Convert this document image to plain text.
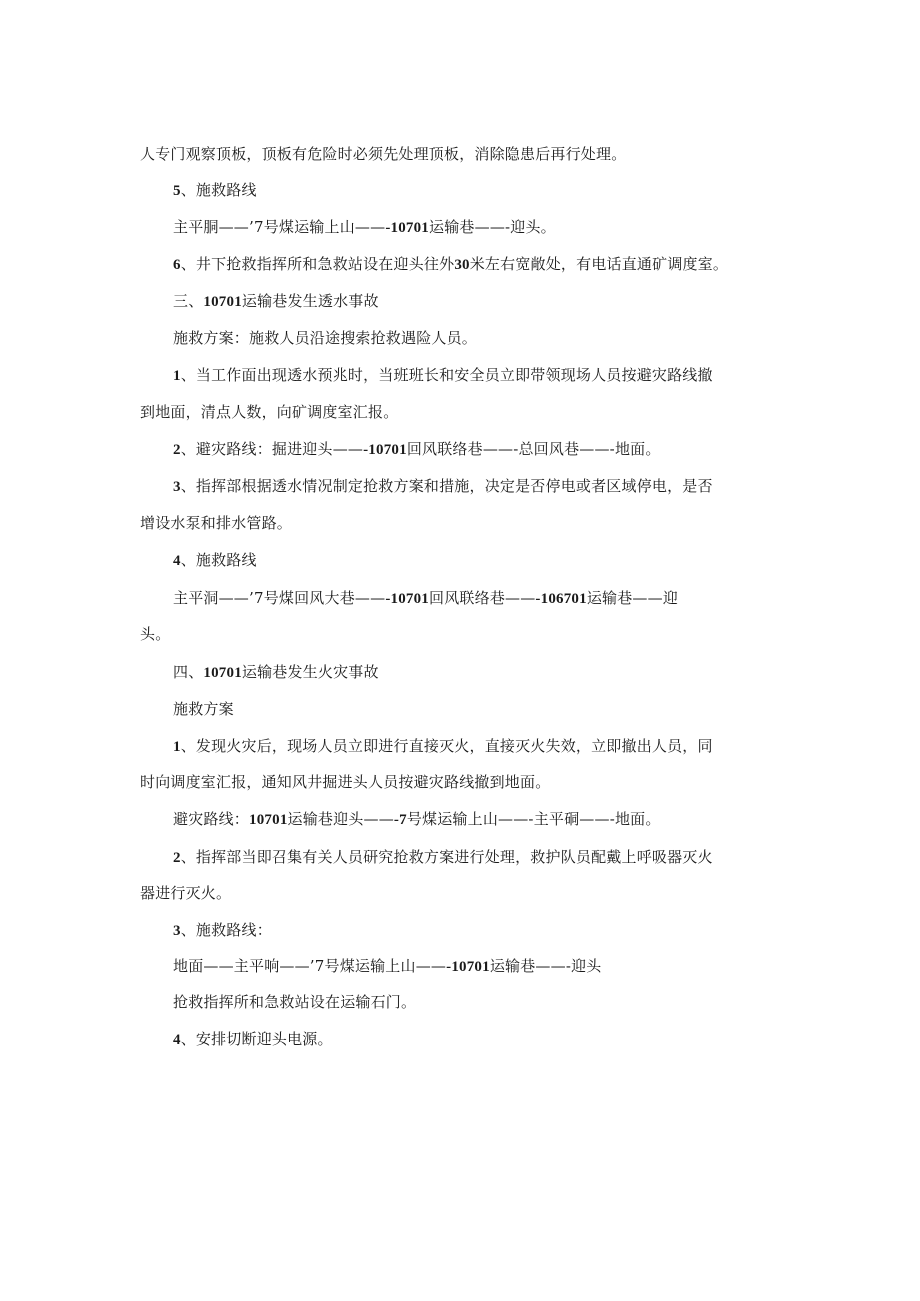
人专门观察顶板，顶板有危险时必须先处理顶板，消除隐患后再行处理。
5、施救路线
主平胴——’7号煤运输上山——-10701运输巷——-迎头。
6、井下抢救指挥所和急救站设在迎头往外30米左右宽敞处，有电话直通矿调度室。
三、10701运输巷发生透水事故
施救方案：施救人员沿途搜索抢救遇险人员。
1、当工作面出现透水预兆时，当班班长和安全员立即带领现场人员按避灾路线撤
到地面，清点人数，向矿调度室汇报。
2、避灾路线：掘进迎头——-10701回风联络巷——-总回风巷——-地面。
3、指挥部根据透水情况制定抢救方案和措施，决定是否停电或者区域停电，是否
增设水泵和排水管路。
4、施救路线
主平洞——’7号煤回风大巷——-10701回风联络巷——-106701运输巷——迎
头。
四、10701运输巷发生火灾事故
施救方案
1、发现火灾后，现场人员立即进行直接灭火，直接灭火失效，立即撤出人员，同
时向调度室汇报，通知风井掘进头人员按避灾路线撤到地面。
避灾路线：10701运输巷迎头——-7号煤运输上山——-主平硐——-地面。
2、指挥部当即召集有关人员研究抢救方案进行处理，救护队员配戴上呼吸器灭火
器进行灭火。
3、施救路线：
地面——主平响——’7号煤运输上山——-10701运输巷——-迎头
抢救指挥所和急救站设在运输石门。
4、安排切断迎头电源。
